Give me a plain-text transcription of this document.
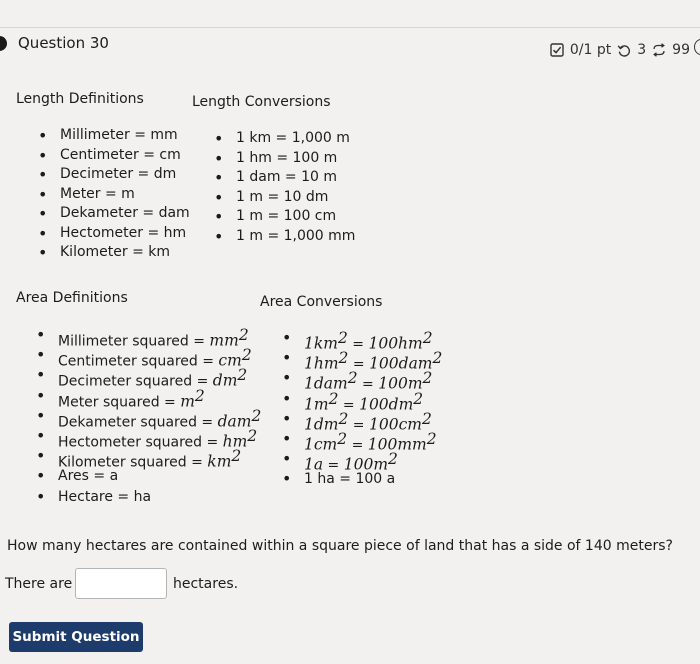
Question 30	0/1 pt 3 99
Length Definitions	Length Conversions
• Millimeter = mm
• Centimeter = cm
• Decimeter = dm
• Meter = m
• Dekameter = dam
• Hectometer = hm
• Kilometer = km
• 1 km = 1,000 m
• 1 hm = 100 m
• 1 dam = 10 m
• 1 m = 10 dm
• 1 m = 100 cm
• 1 m = 1,000 mm
Area Definitions	Area Conversions
• Millimeter squared = $mm^2$
• Centimeter squared = $cm^2$
• Decimeter squared = $dm^2$
• Meter squared = $m^2$
• Dekameter squared = dam$^2$
• Hectometer squared = $hm^2$
• Kilometer squared = $km^2$
• Ares = a
• Hectare = ha
• $1km^2 = 100hm^2$
• $1hm^2 = 100dam^2$
• $1dam^2 = 100m^2$
• $1m^2 = 100dm^2$
• $1dm^2 = 100cm^2$
• $1cm^2 = 100mm^2$
• $1a = 100m^2$
• 1 ha = 100 a
How many hectares are contained within a square piece of land that has a side of 140 meters?
There are	hectares.
Submit Question
